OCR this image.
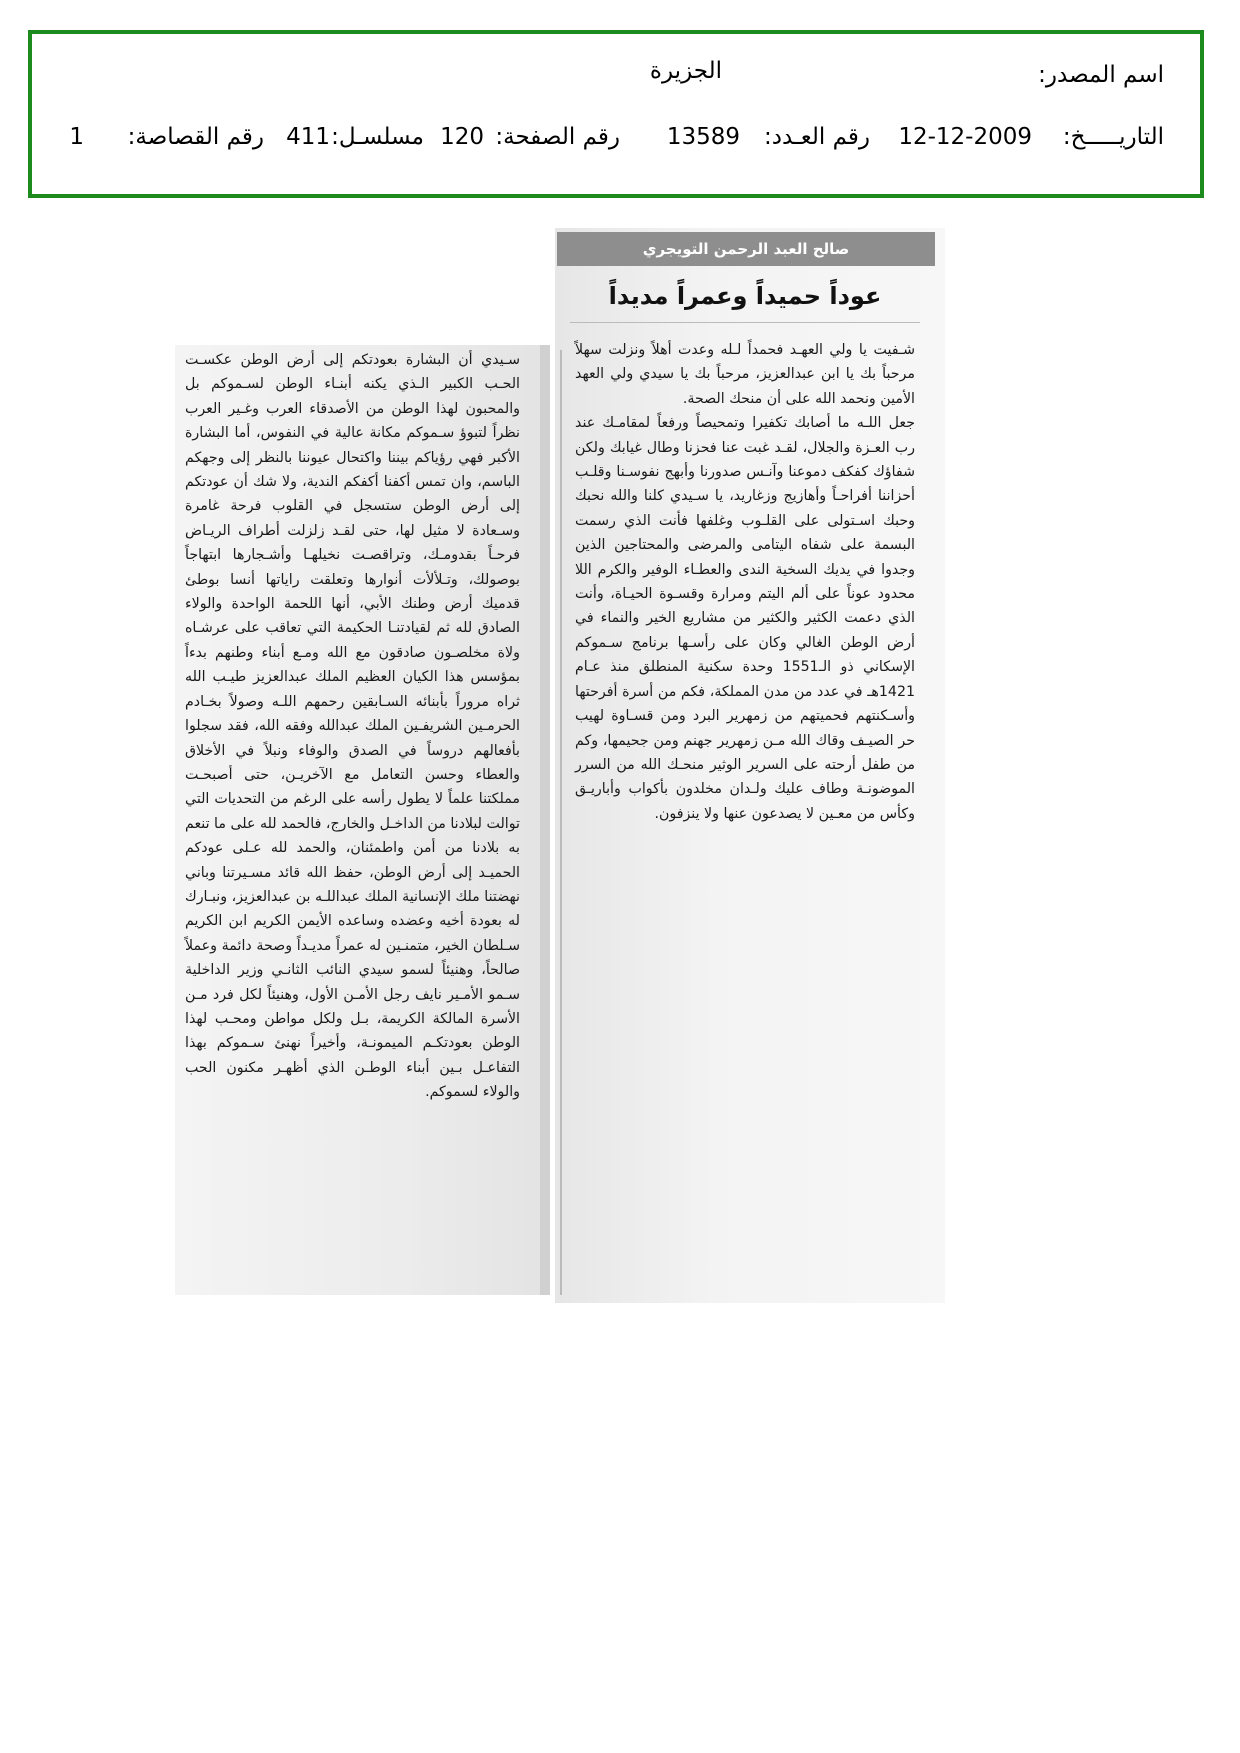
اسم المصدر:
الجزيرة
التاريـــــخ:
12-12-2009
رقم العـدد:
13589
رقم الصفحة:
120
مسلسـل:
411
رقم القصاصة:
1
صالح العبد الرحمن التويجري
عوداً حميداً وعمراً مديداً

شـفيت يا ولي العهـد فحمداً لـله وعدت أهلاً ونزلت سهلاً مرحباً بك يا ابن عبدالعزيز، مرحباً بك يا سيدي ولي العهد الأمين ونحمد الله على أن منحك الصحة.

جعل اللـه ما أصابك تكفيرا وتمحيصاً ورفعاً لمقامـك عند رب العـزة والجلال، لقـد غبت عنا فحزنا وطال غيابك ولكن شفاؤك كفكف دموعنا وآنـس صدورنا وأبهج نفوسـنا وقلـب أحزاننا أفراحـاً وأهازيج وزغاريد، يا سـيدي كلنا والله نحبك وحبك اسـتولى على القلـوب وغلفها فأنت الذي رسمت البسمة على شفاه اليتامى والمرضى والمحتاجين الذين وجدوا في يديك السخية الندى والعطـاء الوفير والكرم اللا محدود عوناً على ألم اليتم ومرارة وقسـوة الحيـاة، وأنت الذي دعمت الكثير والكثير من مشاريع الخير والنماء في أرض الوطن الغالي وكان على رأسـها برنامج سـموكم الإسكاني ذو الـ1551 وحدة سكنية المنطلق منذ عـام 1421هـ في عدد من مدن المملكة، فكم من أسرة أفرحتها وأسـكنتهم فحميتهم من زمهرير البرد ومن قسـاوة لهيب حر الصيـف وقاك الله مـن زمهرير جهنم ومن جحيمها، وكم من طفل أرحته على السرير الوثير منحـك الله من السرر الموضونـة وطاف عليك ولـدان مخلدون بأكواب وأباريـق وكأس من معـين لا يصدعون عنها ولا ينزفون.

سـيدي أن البشارة بعودتكم إلى أرض الوطن عكسـت الحـب الكبير الـذي يكنه أبنـاء الوطن لسـموكم بل والمحبون لهذا الوطن من الأصدقاء العرب وغـير العرب نظراً لتبوؤ سـموكم مكانة عالية في النفوس، أما البشارة الأكبر فهي رؤياكم بيننا واكتحال عيوننا بالنظر إلى وجهكم الباسم، وان تمس أكفنا أكفكم الندية، ولا شك أن عودتكم إلى أرض الوطن ستسجل في القلوب فرحة غامرة وسـعادة لا مثيل لها، حتى لقـد زلزلت أطراف الريـاض فرحـاً بقدومـك، وتراقصـت نخيلهـا وأشـجارها ابتهاجاً بوصولك، وتـلألأت أنوارها وتعلقت راياتها أنسا بوطئ قدميك أرض وطنك الأبي، أنها اللحمة الواحدة والولاء الصادق لله ثم لقيادتنـا الحكيمة التي تعاقب على عرشـاه ولاة مخلصـون صادقون مع الله ومـع أبناء وطنهم بدءاً بمؤسس هذا الكيان العظيم الملك عبدالعزيز طيـب الله ثراه مروراً بأبنائه السـابقين رحمهم اللـه وصولاً بخـادم الحرمـين الشريفـين الملك عبدالله وفقه الله، فقد سجلوا بأفعالهم دروساً في الصدق والوفاء ونبلاً في الأخلاق والعطاء وحسن التعامل مع الآخريـن، حتى أصبحـت مملكتنا علماً لا يطول رأسه على الرغم من التحديات التي توالت لبلادنا من الداخـل والخارج، فالحمد لله على ما تنعم به بلادنا من أمن واطمئنان، والحمد لله عـلى عودكم الحميـد إلى أرض الوطن، حفظ الله قائد مسـيرتنا وباني نهضتنا ملك الإنسانية الملك عبداللـه بن عبدالعزيز، ونبـارك له بعودة أخيه وعضده وساعده الأيمن الكريم ابن الكريم سـلطان الخير، متمنـين له عمراً مديـداً وصحة دائمة وعملاً صالحاً، وهنيئاً لسمو سيدي النائب الثانـي وزير الداخلية سـمو الأمـير نايف رجل الأمـن الأول، وهنيئاً لكل فرد مـن الأسرة المالكة الكريمة، بـل ولكل مواطن ومحـب لهذا الوطن بعودتكـم الميمونـة، وأخيراً نهنئ سـموكم بهذا التفاعـل بـين أبناء الوطـن الذي أظهـر مكنون الحب والولاء لسموكم.
